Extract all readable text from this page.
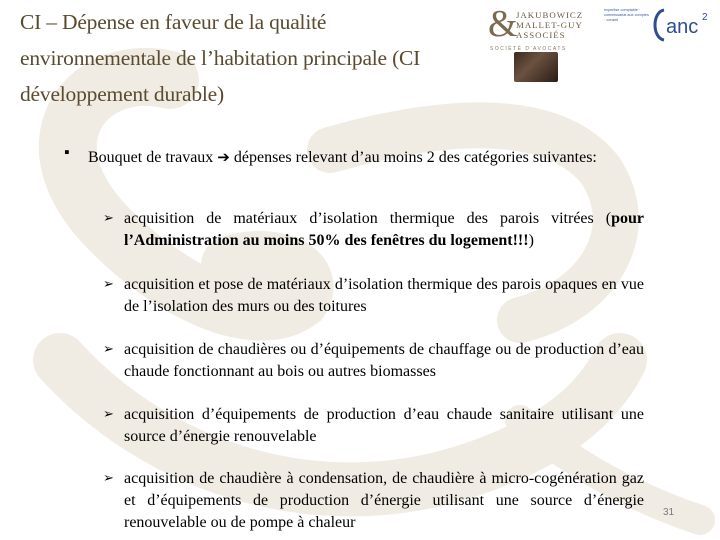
CI – Dépense en faveur de la qualité environnementale de l’habitation principale (CI développement durable)
&
JAKUBOWICZ
MALLET-GUY
ASSOCIÉS
SOCIÉTÉ D’AVOCATS
expertise comptable · commissariat aux comptes · conseil	anc 2
▪ Bouquet de travaux ➔ dépenses relevant d’au moins 2 des catégories suivantes:
➢ acquisition de matériaux d’isolation thermique des parois vitrées (pour l’Administration au moins 50% des fenêtres du logement!!!)
➢ acquisition et pose de matériaux d’isolation thermique des parois opaques en vue de l’isolation des murs ou des toitures
➢ acquisition de chaudières ou d’équipements de chauffage ou de production d’eau chaude fonctionnant au bois ou autres biomasses
➢ acquisition d’équipements de production d’eau chaude sanitaire utilisant une source d’énergie renouvelable
➢ acquisition de chaudière à condensation, de chaudière à micro-cogénération gaz et d’équipements de production d’énergie utilisant une source d’énergie renouvelable ou de pompe à chaleur
31
